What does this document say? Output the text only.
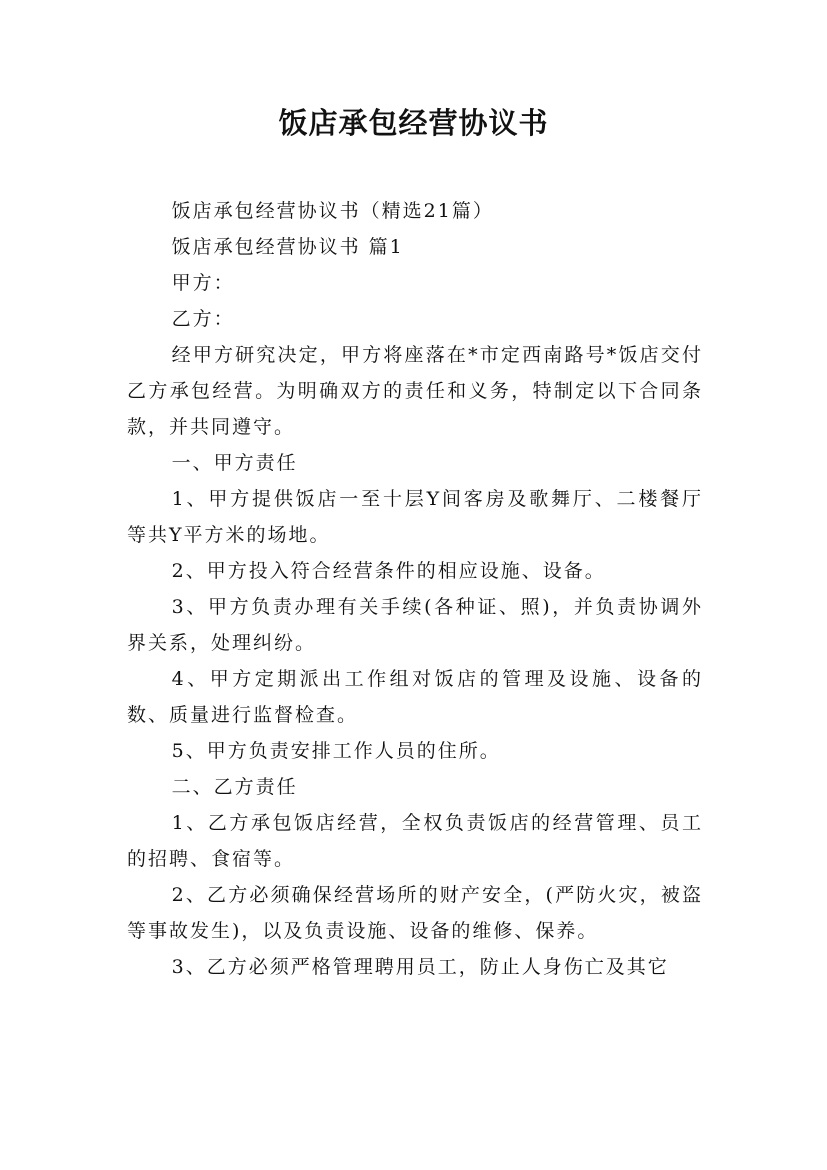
饭店承包经营协议书

饭店承包经营协议书（精选21篇）

饭店承包经营协议书 篇1

甲方：

乙方：

经甲方研究决定，甲方将座落在*市定西南路号*饭店交付乙方承包经营。为明确双方的责任和义务，特制定以下合同条款，并共同遵守。

一、甲方责任

1、甲方提供饭店一至十层Y间客房及歌舞厅、二楼餐厅等共Y平方米的场地。

2、甲方投入符合经营条件的相应设施、设备。

3、甲方负责办理有关手续(各种证、照)，并负责协调外界关系，处理纠纷。

4、甲方定期派出工作组对饭店的管理及设施、设备的数、质量进行监督检查。

5、甲方负责安排工作人员的住所。

二、乙方责任

1、乙方承包饭店经营，全权负责饭店的经营管理、员工的招聘、食宿等。

2、乙方必须确保经营场所的财产安全，(严防火灾，被盗等事故发生)，以及负责设施、设备的维修、保养。

3、乙方必须严格管理聘用员工，防止人身伤亡及其它
